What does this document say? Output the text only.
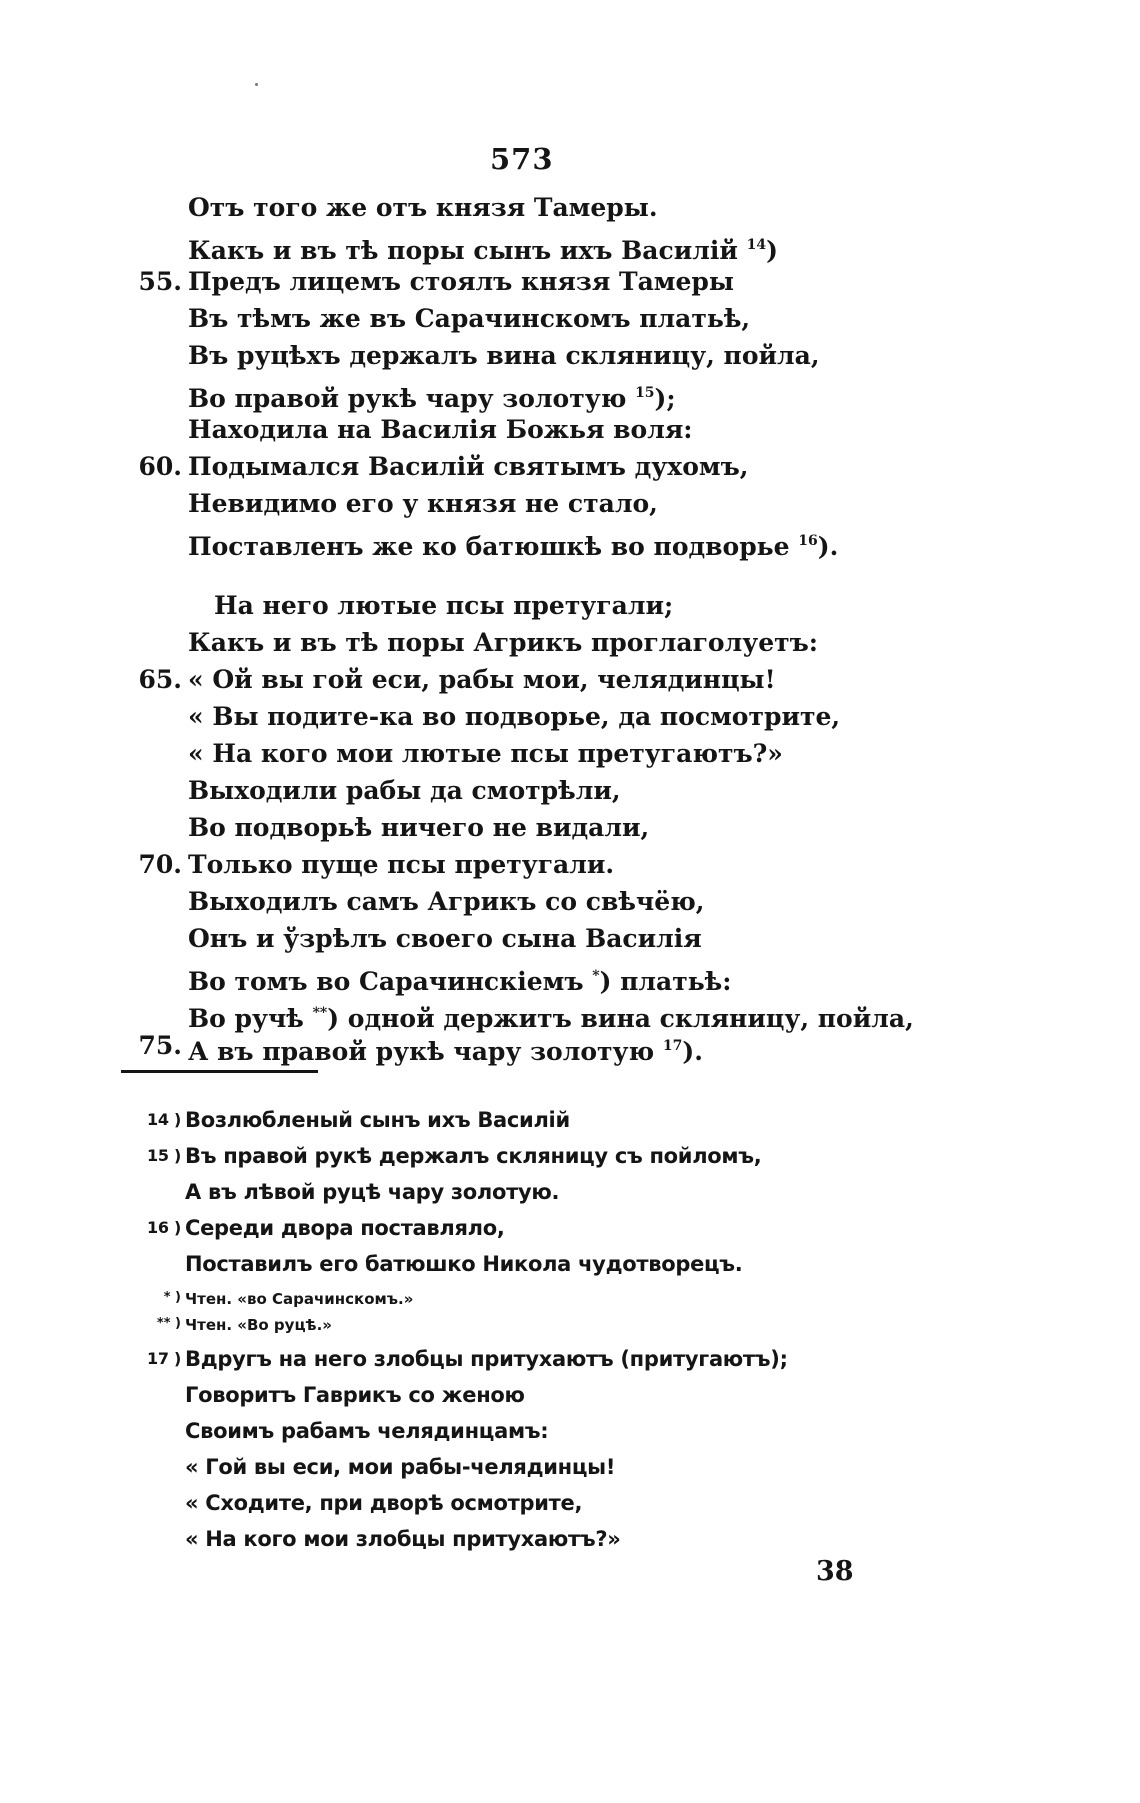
573
Отъ того же отъ князя Тамеры.
Какъ и въ тѣ поры сынъ ихъ Василій $^{14}$)
55. Предъ лицемъ стоялъ князя Тамеры
Въ тѣмъ же въ Сарачинскомъ платьѣ,
Въ руцѣхъ держалъ вина скляницу, пойла,
Во правой рукѣ чару золотую $^{15}$);
Находила на Василія Божья воля:
60. Подымался Василій святымъ духомъ,
Невидимо его у князя не стало,
Поставленъ же ко батюшкѣ во подворье $^{16}$).
На него лютые псы претугали;
Какъ и въ тѣ поры Агрикъ проглаголуетъ:
65. « Ой вы гой еси, рабы мои, челядинцы!
« Вы подите-ка во подворье, да посмотрите,
« На кого мои лютые псы претугаютъ?»
Выходили рабы да смотрѣли,
Во подворьѣ ничего не видали,
70. Только пуще псы претугали.
Выходилъ самъ Агрикъ со свѣчёю,
Онъ и ўзрѣлъ своего сына Василія
Во томъ во Сарачинскіемъ *) платьѣ:
Во ручѣ **) одной держитъ вина скляницу, пойла,
75. А въ правой рукѣ чару золотую $^{17}$).
14 ) Возлюбленый сынъ ихъ Василій
15 ) Въ правой рукѣ держалъ скляницу съ пойломъ,
А въ лѣвой руцѣ чару золотую.
16 ) Середи двора поставляло,
Поставилъ его батюшко Никола чудотворецъ.
* ) Чтен. «во Сарачинскомъ.»
** ) Чтен. «Во руцѣ.»
17 ) Вдругъ на него злобцы притухаютъ (притугаютъ);
Говоритъ Гаврикъ со женою
Своимъ рабамъ челядинцамъ:
« Гой вы еси, мои рабы-челядинцы!
« Сходите, при дворѣ осмотрите,
« На кого мои злобцы притухаютъ?»
38
